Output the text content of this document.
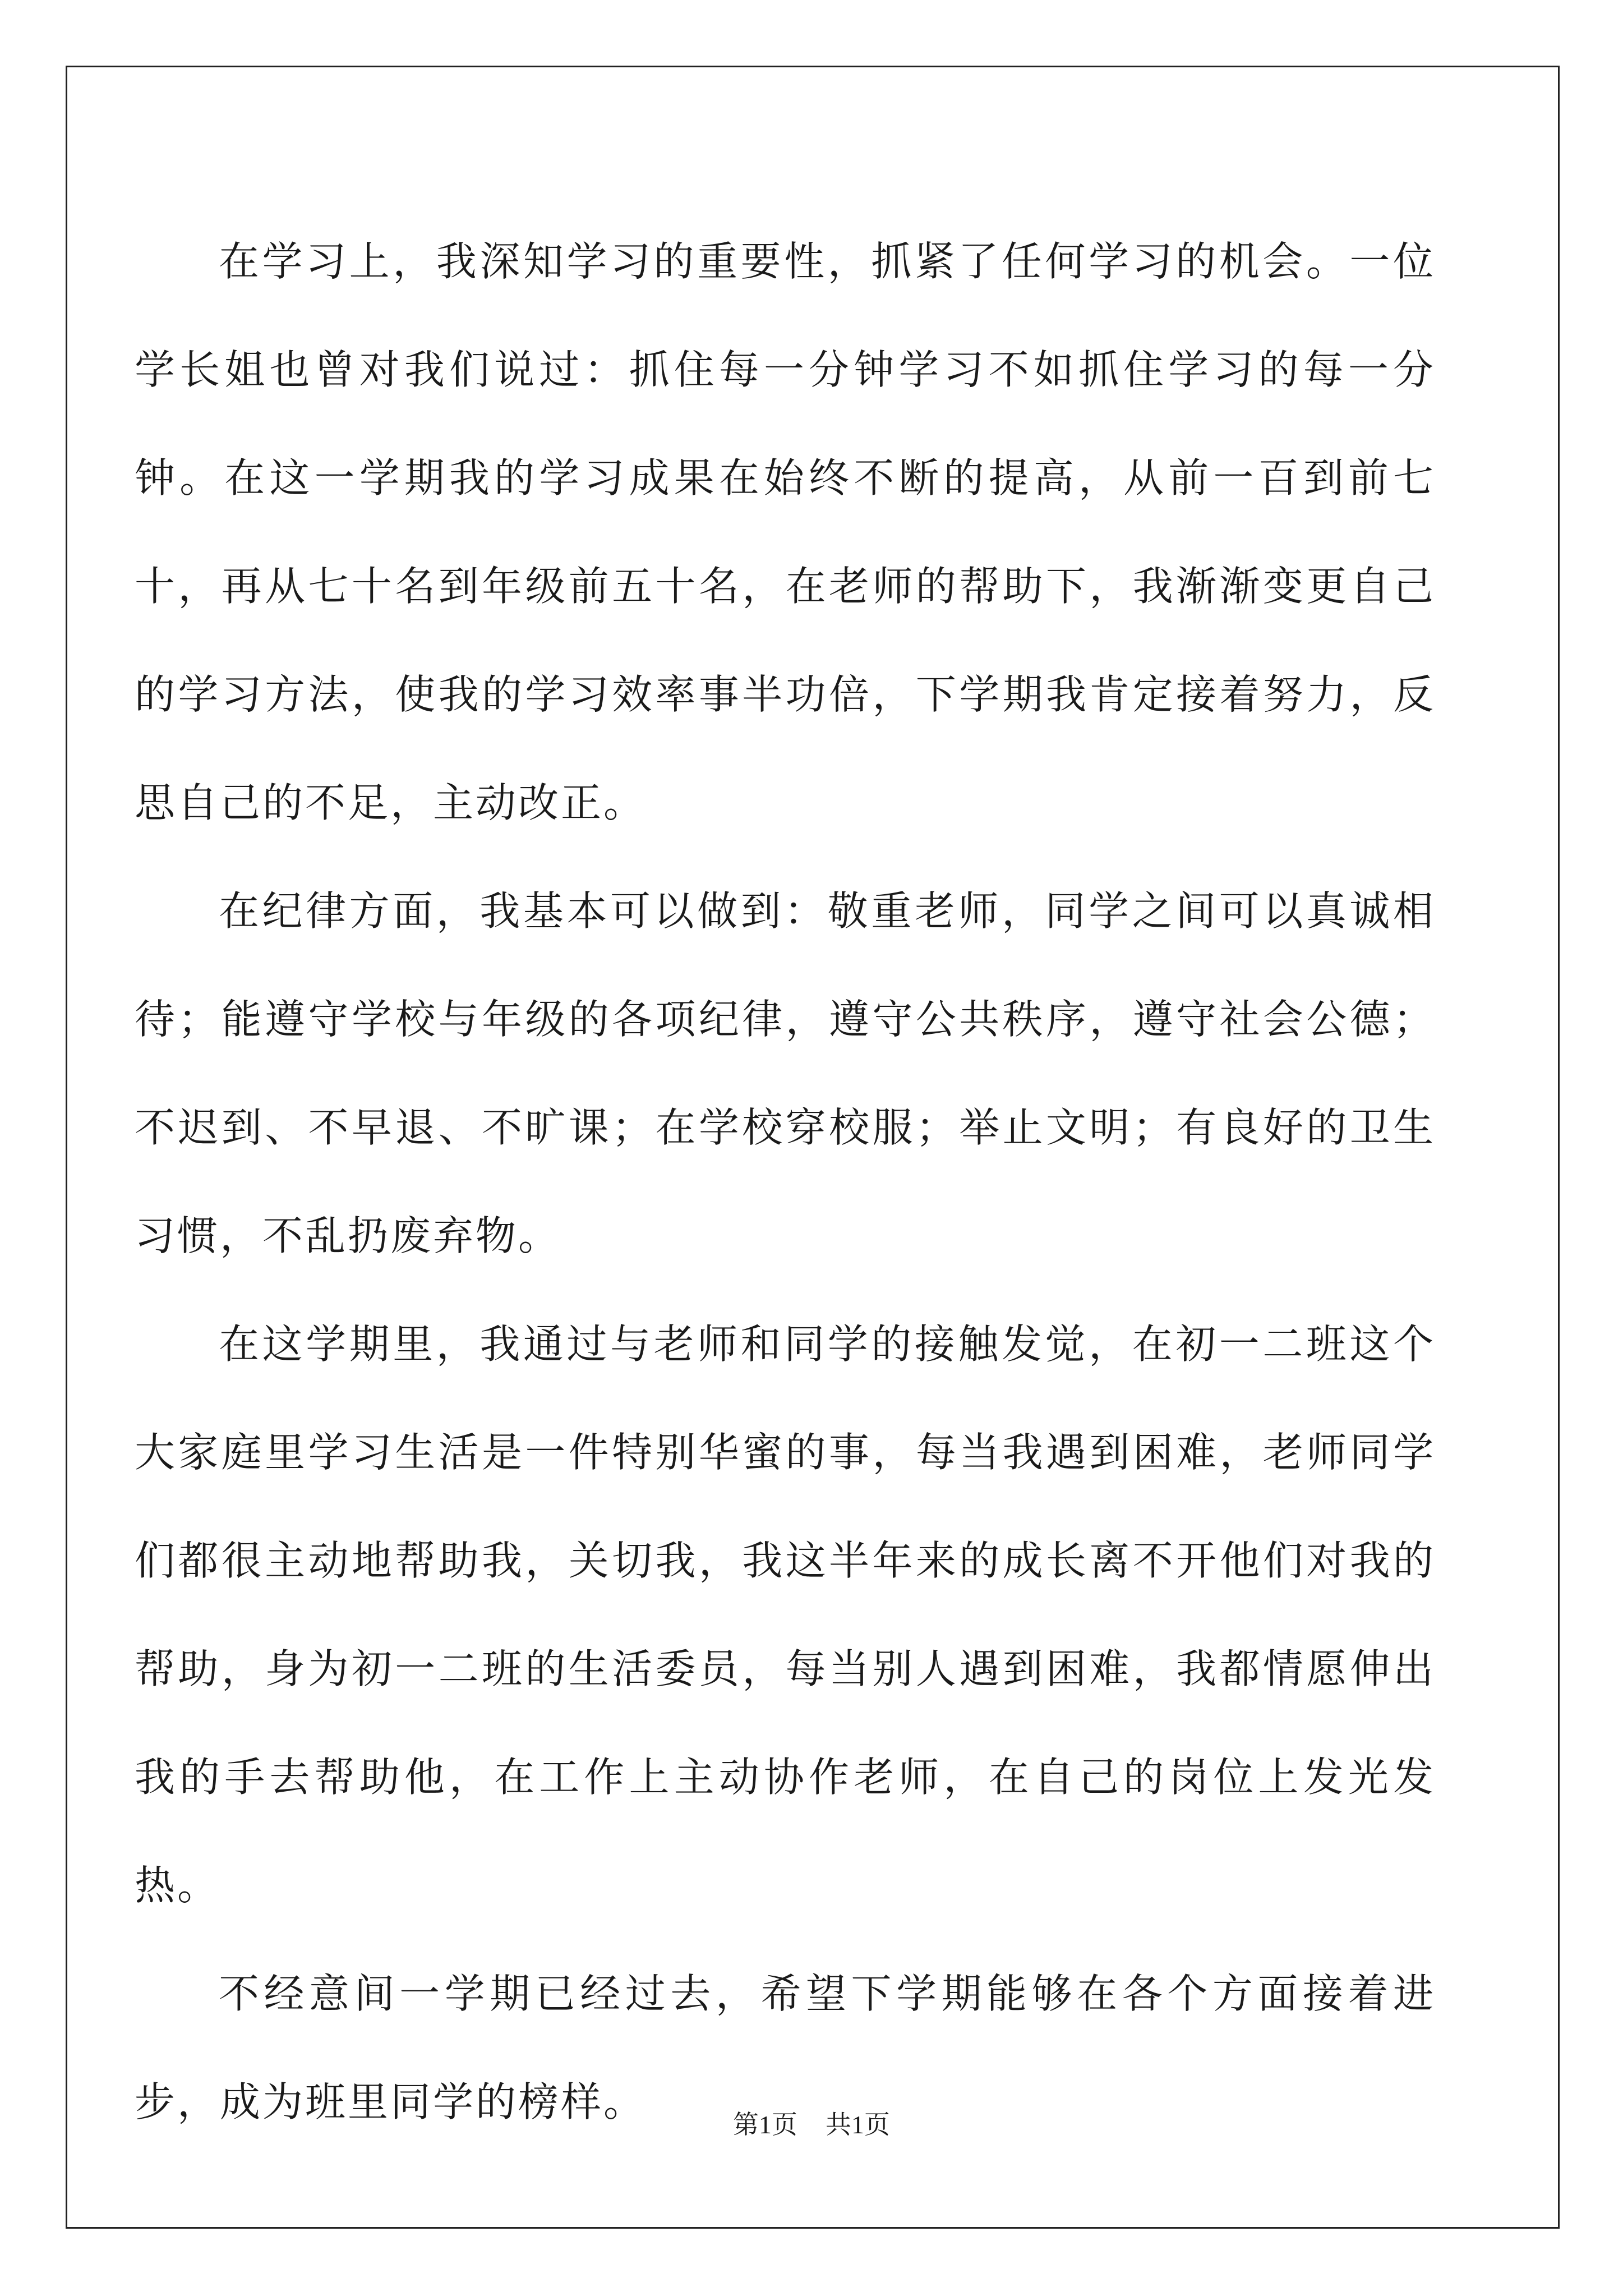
在学习上，我深知学习的重要性，抓紧了任何学习的机会。一位学长姐也曾对我们说过：抓住每一分钟学习不如抓住学习的每一分钟。在这一学期我的学习成果在始终不断的提高，从前一百到前七十，再从七十名到年级前五十名，在老师的帮助下，我渐渐变更自己的学习方法，使我的学习效率事半功倍，下学期我肯定接着努力，反思自己的不足，主动改正。

在纪律方面，我基本可以做到：敬重老师，同学之间可以真诚相待；能遵守学校与年级的各项纪律，遵守公共秩序，遵守社会公德；不迟到、不早退、不旷课；在学校穿校服；举止文明；有良好的卫生习惯，不乱扔废弃物。

在这学期里，我通过与老师和同学的接触发觉，在初一二班这个大家庭里学习生活是一件特别华蜜的事，每当我遇到困难，老师同学们都很主动地帮助我，关切我，我这半年来的成长离不开他们对我的帮助，身为初一二班的生活委员，每当别人遇到困难，我都情愿伸出我的手去帮助他，在工作上主动协作老师，在自己的岗位上发光发热。

不经意间一学期已经过去，希望下学期能够在各个方面接着进步，成为班里同学的榜样。	第1页 共1页
